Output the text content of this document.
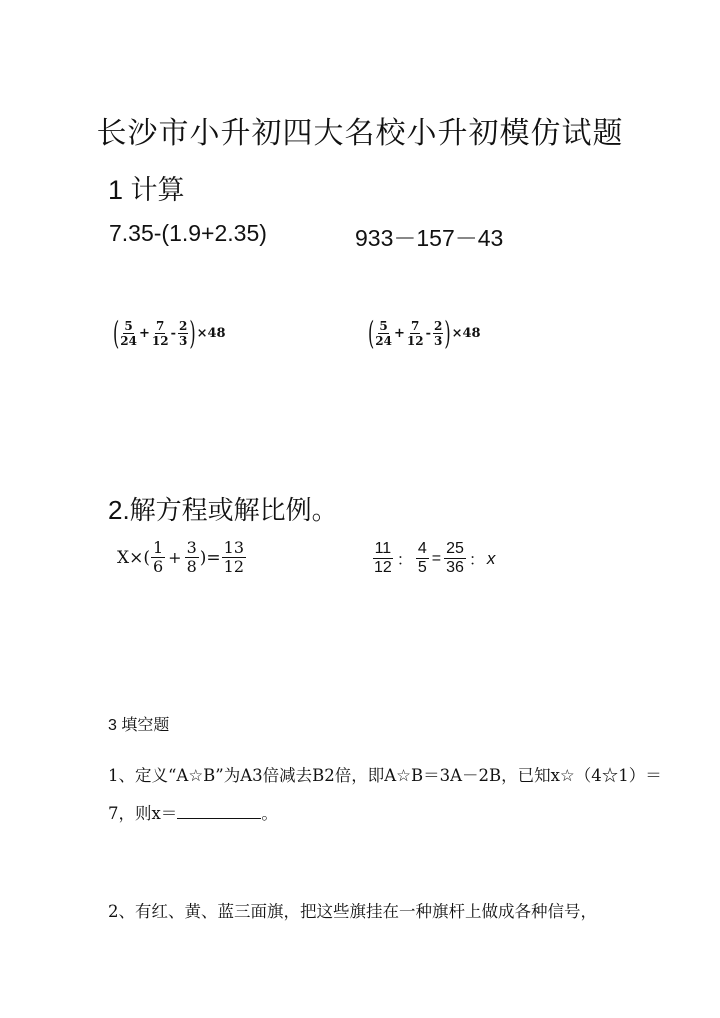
长沙市小升初四大名校小升初模仿试题
1 计算
7.35-(1.9+2.35)	933－157－43
( $\frac{5}{24} + \frac{7}{12} - \frac{2}{3}$ ) ×48	( $\frac{5}{24} + \frac{7}{12} - \frac{2}{3}$ ) ×48
2.解方程或解比例。
$X\times( \frac{1}{6} + \frac{3}{8}$ )= $\frac{13}{12}$	$\frac{11}{12}$ ： $\frac{4}{5} = \frac{25}{36}$ ： x
3 填空题
1、定义“A☆B”为A3倍减去B2倍，即A☆B＝3A－2B，已知x☆（4☆1）＝
7，则x＝	。
2、有红、黄、蓝三面旗，把这些旗挂在一种旗杆上做成各种信号，
